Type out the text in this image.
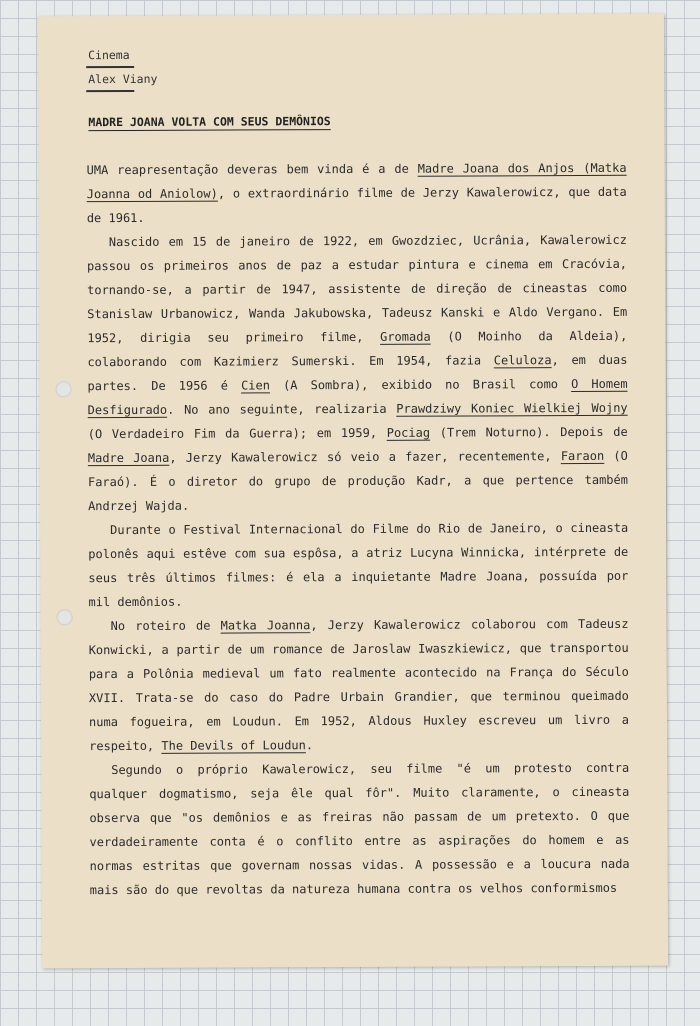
Cinema
Alex Viany
MADRE JOANA VOLTA COM SEUS DEMÔNIOS

UMA reapresentação deveras bem vinda é a de Madre Joana dos Anjos (Matka Joanna od Aniolow), o extraordinário filme de Jerzy Kawalerowicz, que data de 1961.

Nascido em 15 de janeiro de 1922, em Gwozdziec, Ucrânia, Kawalerowicz passou os primeiros anos de paz a estudar pintura e cinema em Cracóvia, tornando-se, a partir de 1947, assistente de direção de cineastas como Stanislaw Urbanowicz, Wanda Jakubowska, Tadeusz Kanski e Aldo Vergano. Em 1952, dirigia seu primeiro filme, Gromada (O Moinho da Aldeia), colaborando com Kazimierz Sumerski. Em 1954, fazia Celuloza, em duas partes. De 1956 é Cien (A Sombra), exibido no Brasil como O Homem Desfigurado. No ano seguinte, realizaria Prawdziwy Koniec Wielkiej Wojny (O Verdadeiro Fim da Guerra); em 1959, Pociag (Trem Noturno). Depois de Madre Joana, Jerzy Kawalerowicz só veio a fazer, recentemente, Faraon (O Faraó). É o diretor do grupo de produção Kadr, a que pertence também Andrzej Wajda.

Durante o Festival Internacional do Filme do Rio de Janeiro, o cineasta polonês aqui estêve com sua espôsa, a atriz Lucyna Winnicka, intérprete de seus três últimos filmes: é ela a inquietante Madre Joana, possuída por mil demônios.

No roteiro de Matka Joanna, Jerzy Kawalerowicz colaborou com Tadeusz Konwicki, a partir de um romance de Jaroslaw Iwaszkiewicz, que transportou para a Polônia medieval um fato realmente acontecido na França do Século XVII. Trata-se do caso do Padre Urbain Grandier, que terminou queimado numa fogueira, em Loudun. Em 1952, Aldous Huxley escreveu um livro a respeito, The Devils of Loudun.

Segundo o próprio Kawalerowicz, seu filme "é um protesto contra qualquer dogmatismo, seja êle qual fôr". Muito claramente, o cineasta observa que "os demônios e as freiras não passam de um pretexto. O que verdadeiramente conta é o conflito entre as aspirações do homem e as normas estritas que governam nossas vidas. A possessão e a loucura nada mais são do que revoltas da natureza humana contra os velhos conformismos
